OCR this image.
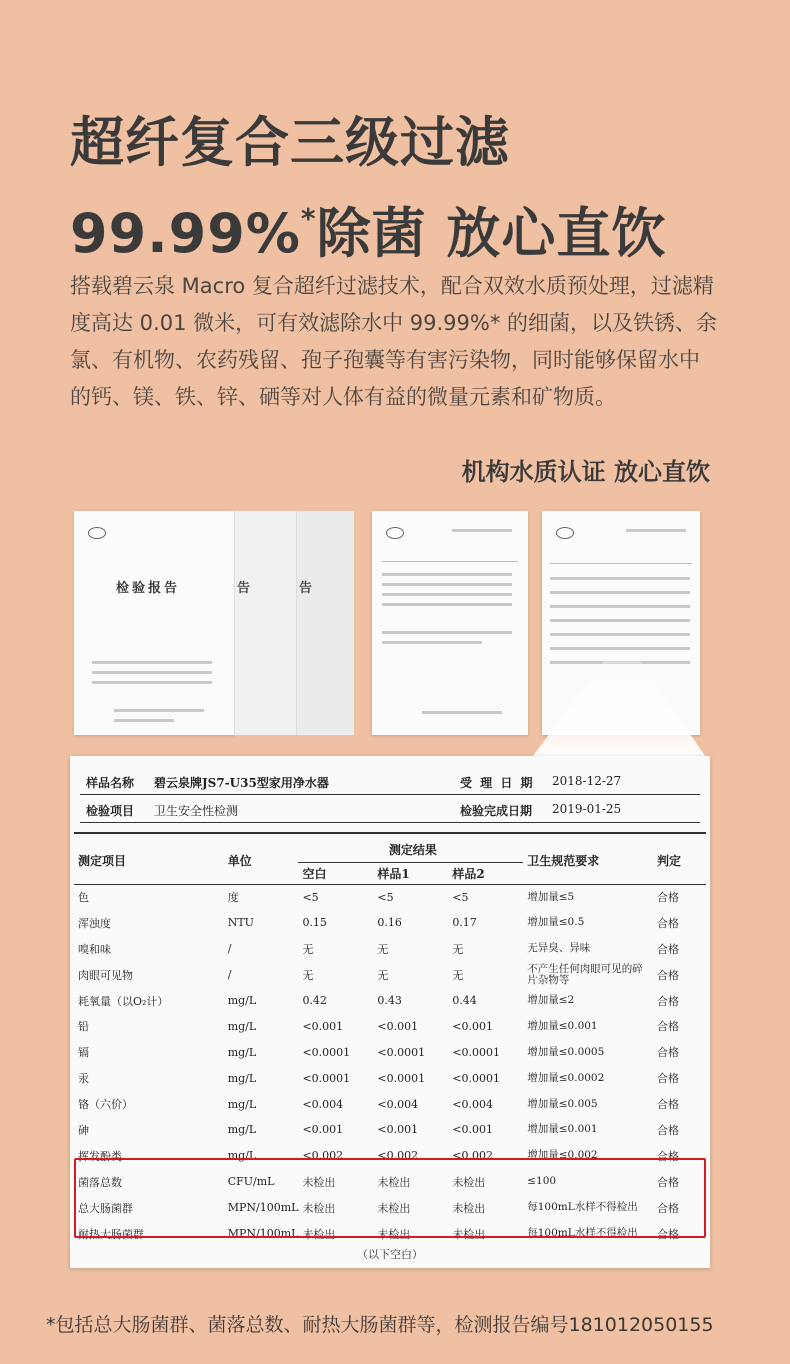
超纤复合三级过滤
99.99%*除菌 放心直饮

搭载碧云泉 Macro 复合超纤过滤技术，配合双效水质预处理，过滤精度高达 0.01 微米，可有效滤除水中 99.99%* 的细菌，以及铁锈、余氯、有机物、农药残留、孢子孢囊等有害污染物，同时能够保留水中的钙、镁、铁、锌、硒等对人体有益的微量元素和矿物质。

机构水质认证 放心直饮
检验报告	告	告
样品名称 碧云泉牌JS7-U35型家用净水器	受 理 日 期 2018-12-27
检验项目 卫生安全性检测	检验完成日期 2019-01-25
（以下空白）
测定项目	单位	测定结果			卫生规范要求	判定
		空白	样品1	样品2		
色	度	<5	<5	<5	增加量≤5	合格
浑浊度	NTU	0.15	0.16	0.17	增加量≤0.5	合格
嗅和味	/	无	无	无	无异臭、异味	合格
肉眼可见物	/	无	无	无	不产生任何肉眼可见的碎片杂物等	合格
耗氧量（以O₂计）	mg/L	0.42	0.43	0.44	增加量≤2	合格
铅	mg/L	<0.001	<0.001	<0.001	增加量≤0.001	合格
镉	mg/L	<0.0001	<0.0001	<0.0001	增加量≤0.0005	合格
汞	mg/L	<0.0001	<0.0001	<0.0001	增加量≤0.0002	合格
铬（六价）	mg/L	<0.004	<0.004	<0.004	增加量≤0.005	合格
砷	mg/L	<0.001	<0.001	<0.001	增加量≤0.001	合格
挥发酚类	mg/L	<0.002	<0.002	<0.002	增加量≤0.002	合格
菌落总数	CFU/mL	未检出	未检出	未检出	≤100	合格
总大肠菌群	MPN/100mL	未检出	未检出	未检出	每100mL水样不得检出	合格
耐热大肠菌群	MPN/100mL	未检出	未检出	未检出	每100mL水样不得检出	合格
*包括总大肠菌群、菌落总数、耐热大肠菌群等，检测报告编号181012050155
